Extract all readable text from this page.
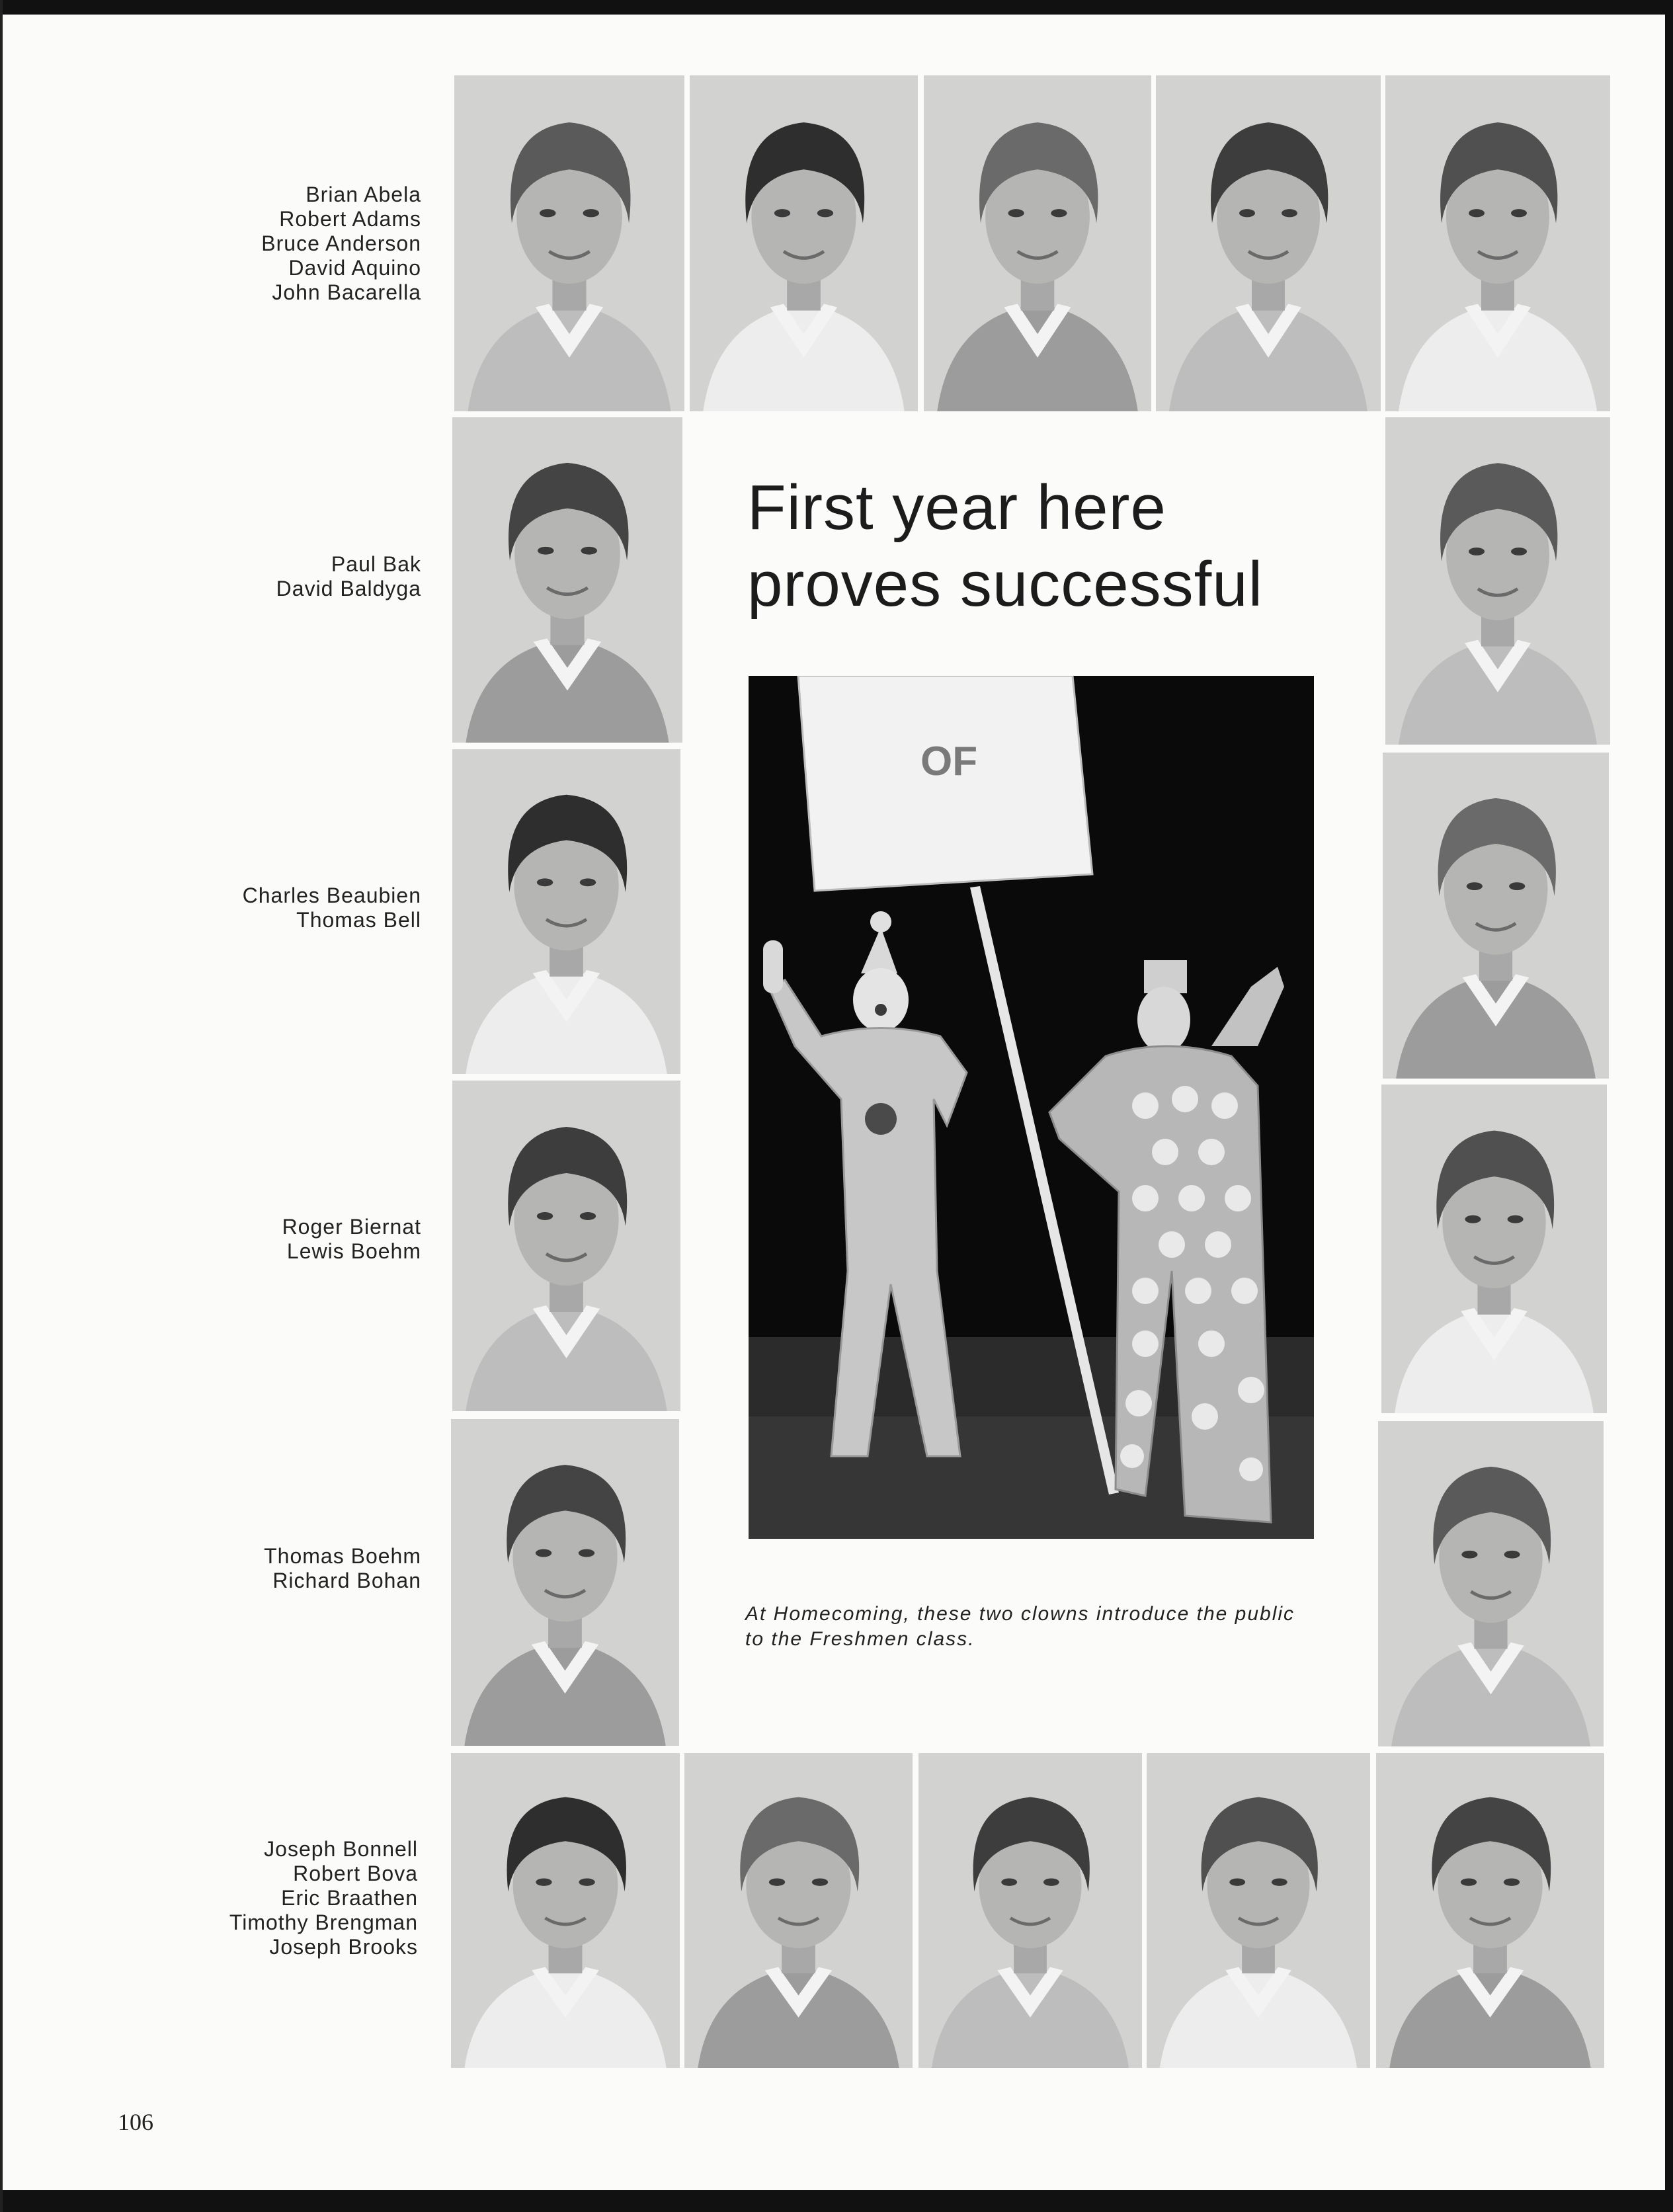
Brian Abela
Robert Adams
Bruce Anderson
David Aquino
John Bacarella
Paul Bak
David Baldyga
Charles Beaubien
Thomas Bell
Roger Biernat
Lewis Boehm
Thomas Boehm
Richard Bohan
Joseph Bonnell
Robert Bova
Eric Braathen
Timothy Brengman
Joseph Brooks
First year here
proves successful
OF
At Homecoming, these two clowns introduce the public to the Freshmen class.
106
